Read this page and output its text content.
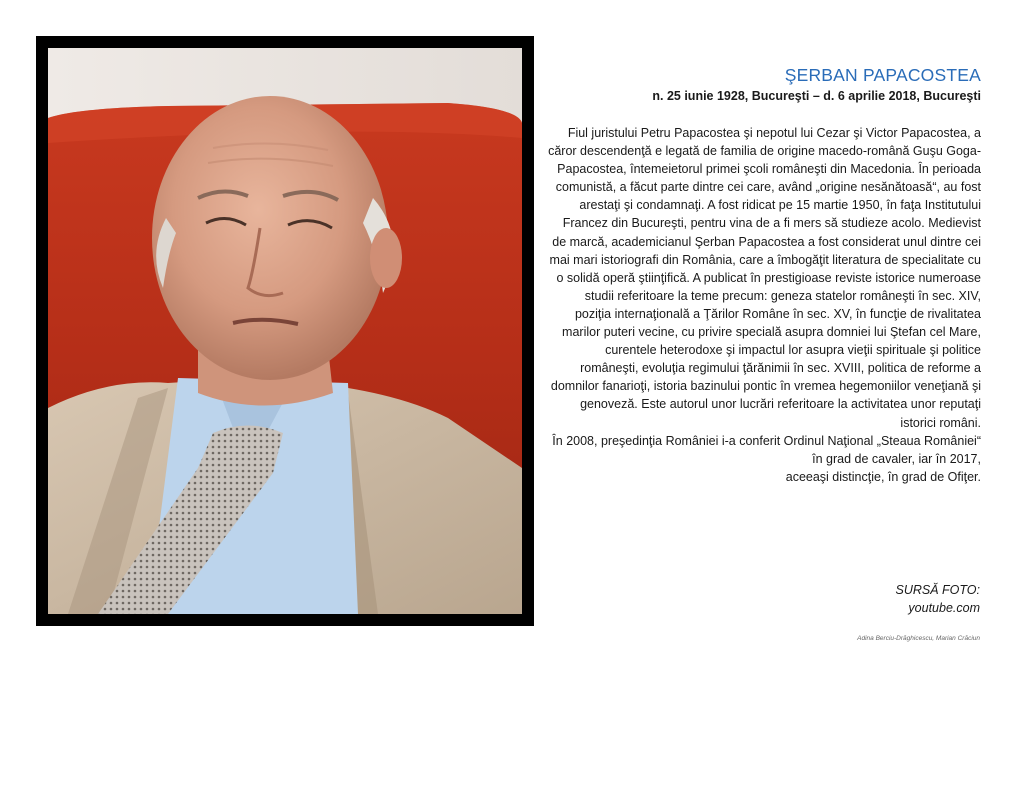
ŞERBAN PAPACOSTEA
n. 25 iunie 1928, Bucureşti – d. 6 aprilie 2018, Bucureşti

Fiul juristului Petru Papacostea şi nepotul lui Cezar şi Victor Papacostea, a căror descendenţă e legată de familia de origine macedo-română Guşu Goga-Papacostea, întemeietorul primei şcoli româneşti din Macedonia. În perioada comunistă, a făcut parte dintre cei care, având „origine nesănătoasă“, au fost arestaţi şi condamnaţi. A fost ridicat pe 15 martie 1950, în faţa Institutului Francez din Bucureşti, pentru vina de a fi mers să studieze acolo. Medievist de marcă, academicianul Şerban Papacostea a fost considerat unul dintre cei mai mari istoriografi din România, care a îmbogăţit literatura de specialitate cu o solidă operă ştiinţifică. A publicat în prestigioase reviste istorice numeroase studii referitoare la teme precum: geneza statelor româneşti în sec. XIV, poziţia internaţională a Ţărilor Române în sec. XV, în funcţie de rivalitatea marilor puteri vecine, cu privire specială asupra domniei lui Ştefan cel Mare, curentele heterodoxe şi impactul lor asupra vieţii spirituale şi politice româneşti, evoluţia regimului ţărănimii în sec. XVIII, politica de reforme a domnilor fanarioţi, istoria bazinului pontic în vremea hegemoniilor veneţiană şi genoveză. Este autorul unor lucrări referitoare la activitatea unor reputaţi istorici români.

În 2008, preşedinţia României i-a conferit Ordinul Naţional „Steaua României“ în grad de cavaler, iar în 2017,

aceeaşi distincţie, în grad de Ofiţer.

SURSĂ FOTO:
youtube.com
Adina Berciu-Drăghicescu, Marian Crăciun
